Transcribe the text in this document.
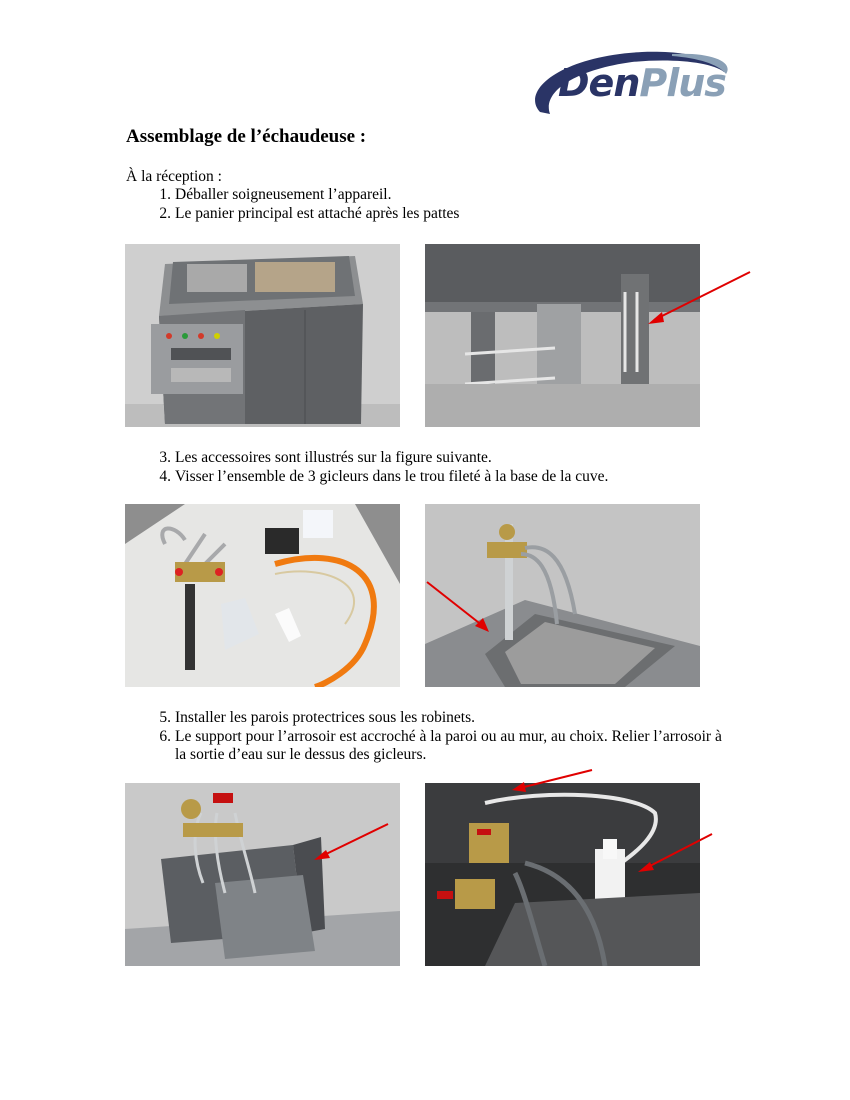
DenPlus
Assemblage de l’échaudeuse :
À la réception :
1. Déballer soigneusement l’appareil.
2. Le panier principal est attaché après les pattes
3. Les accessoires sont illustrés sur la figure suivante.
4. Visser l’ensemble de 3 gicleurs dans le trou fileté à la base de la cuve.
5. Installer les parois protectrices sous les robinets.
6. Le support pour l’arrosoir est accroché à la paroi ou au mur, au choix. Relier l’arrosoir à la sortie d’eau sur le dessus des gicleurs.
